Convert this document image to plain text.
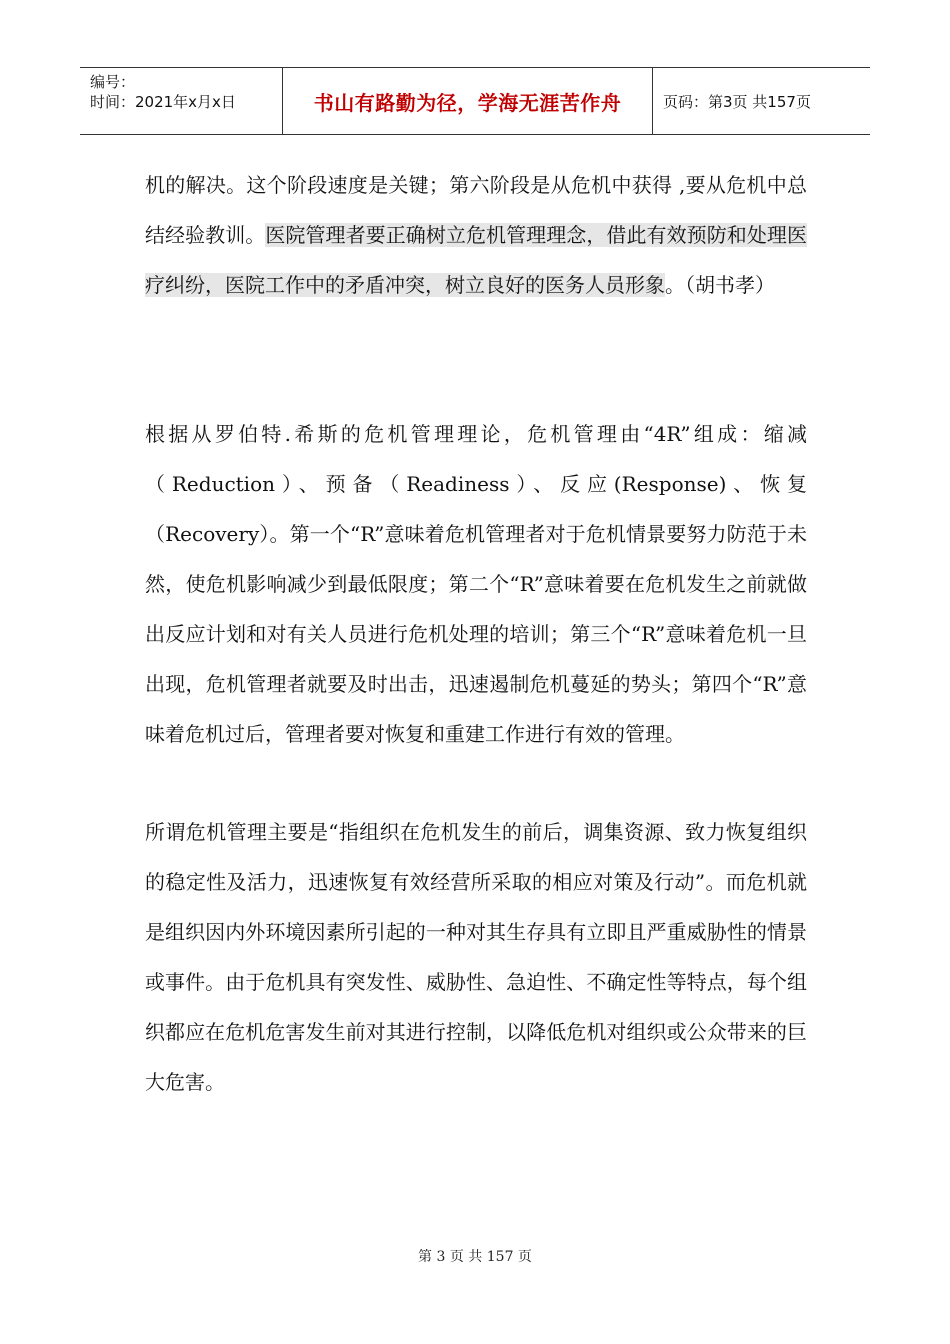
编号：
时间：2021年x月x日	书山有路勤为径，学海无涯苦作舟	页码：第3页 共157页

机的解决。这个阶段速度是关键；第六阶段是从危机中获得 ,要从危机中总结经验教训。医院管理者要正确树立危机管理理念，借此有效预防和处理医疗纠纷，医院工作中的矛盾冲突，树立良好的医务人员形象。（胡书孝）

根据从罗伯特.希斯的危机管理理论，危机管理由“4R”组成：缩减（Reduction）、预备（Readiness）、反应(Response)、恢复（Recovery）。第一个“R”意味着危机管理者对于危机情景要努力防范于未然，使危机影响减少到最低限度；第二个“R”意味着要在危机发生之前就做出反应计划和对有关人员进行危机处理的培训；第三个“R”意味着危机一旦出现，危机管理者就要及时出击，迅速遏制危机蔓延的势头；第四个“R”意味着危机过后，管理者要对恢复和重建工作进行有效的管理。

所谓危机管理主要是“指组织在危机发生的前后，调集资源、致力恢复组织的稳定性及活力，迅速恢复有效经营所采取的相应对策及行动”。而危机就是组织因内外环境因素所引起的一种对其生存具有立即且严重威胁性的情景或事件。由于危机具有突发性、威胁性、急迫性、不确定性等特点，每个组织都应在危机危害发生前对其进行控制，以降低危机对组织或公众带来的巨大危害。

第 3 页 共 157 页
